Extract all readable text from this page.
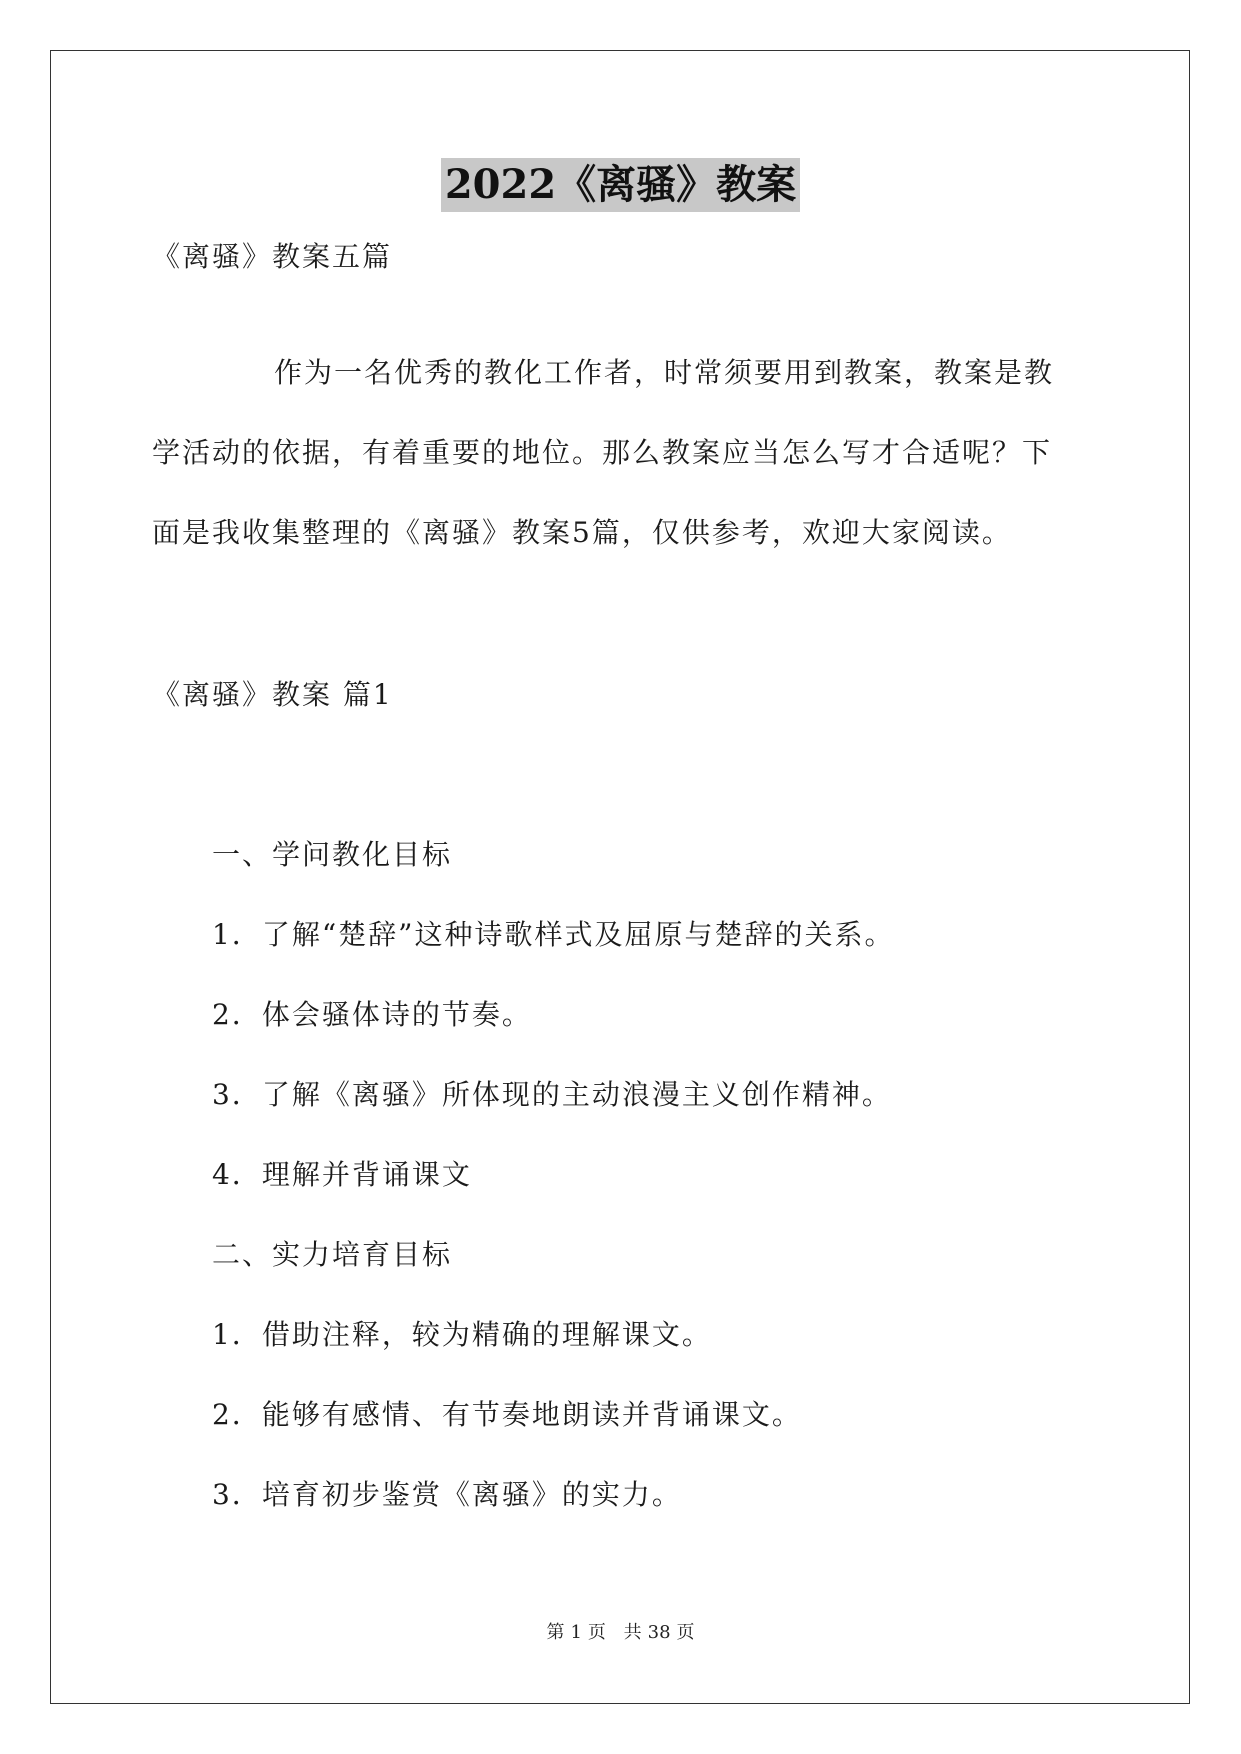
2022《离骚》教案
《离骚》教案五篇
作为一名优秀的教化工作者，时常须要用到教案，教案是教
学活动的依据，有着重要的地位。那么教案应当怎么写才合适呢？下
面是我收集整理的《离骚》教案5篇，仅供参考，欢迎大家阅读。
《离骚》教案 篇1
一、学问教化目标
1．了解“楚辞”这种诗歌样式及屈原与楚辞的关系。
2．体会骚体诗的节奏。
3．了解《离骚》所体现的主动浪漫主义创作精神。
4．理解并背诵课文
二、实力培育目标
1．借助注释，较为精确的理解课文。
2．能够有感情、有节奏地朗读并背诵课文。
3．培育初步鉴赏《离骚》的实力。
第 1 页 共 38 页
